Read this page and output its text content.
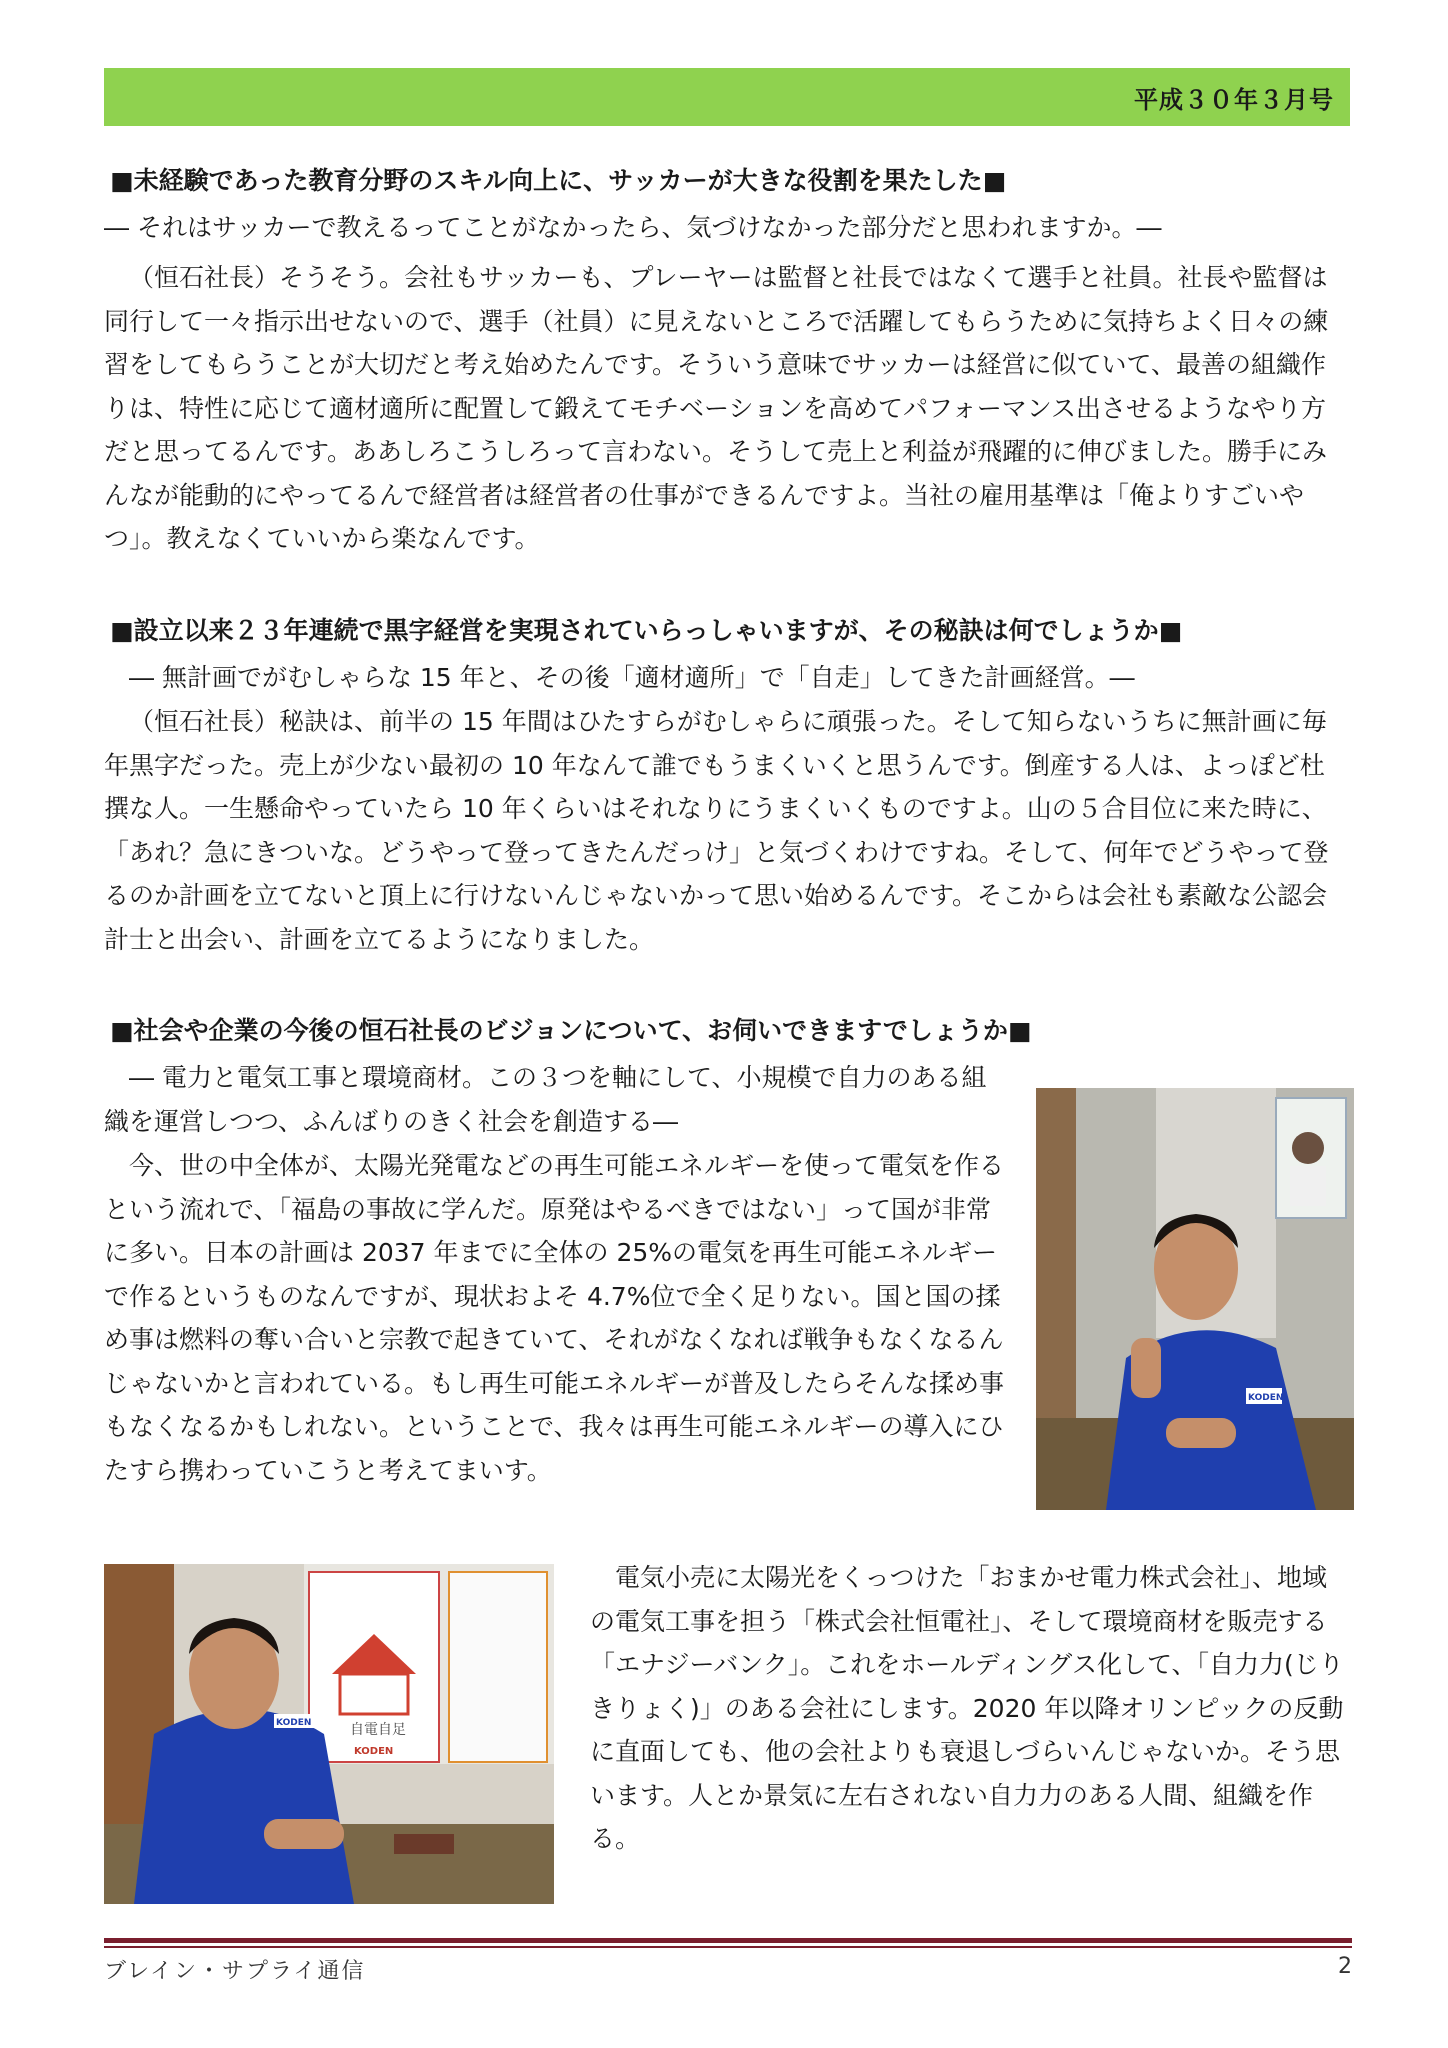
平成３０年３月号
■未経験であった教育分野のスキル向上に、サッカーが大きな役割を果たした■

― それはサッカーで教えるってことがなかったら、気づけなかった部分だと思われますか。―

（恒石社長）そうそう。会社もサッカーも、プレーヤーは監督と社長ではなくて選手と社員。社長や監督は同行して一々指示出せないので、選手（社員）に見えないところで活躍してもらうために気持ちよく日々の練習をしてもらうことが大切だと考え始めたんです。そういう意味でサッカーは経営に似ていて、最善の組織作りは、特性に応じて適材適所に配置して鍛えてモチベーションを高めてパフォーマンス出させるようなやり方だと思ってるんです。ああしろこうしろって言わない。そうして売上と利益が飛躍的に伸びました。勝手にみんなが能動的にやってるんで経営者は経営者の仕事ができるんですよ。当社の雇用基準は「俺よりすごいやつ」。教えなくていいから楽なんです。

■設立以来２３年連続で黒字経営を実現されていらっしゃいますが、その秘訣は何でしょうか■

― 無計画でがむしゃらな 15 年と、その後「適材適所」で「自走」してきた計画経営。―

（恒石社長）秘訣は、前半の 15 年間はひたすらがむしゃらに頑張った。そして知らないうちに無計画に毎年黒字だった。売上が少ない最初の 10 年なんて誰でもうまくいくと思うんです。倒産する人は、よっぽど杜撰な人。一生懸命やっていたら 10 年くらいはそれなりにうまくいくものですよ。山の５合目位に来た時に、「あれ？急にきついな。どうやって登ってきたんだっけ」と気づくわけですね。そして、何年でどうやって登るのか計画を立てないと頂上に行けないんじゃないかって思い始めるんです。そこからは会社も素敵な公認会計士と出会い、計画を立てるようになりました。

■社会や企業の今後の恒石社長のビジョンについて、お伺いできますでしょうか■

― 電力と電気工事と環境商材。この３つを軸にして、小規模で自力のある組織を運営しつつ、ふんばりのきく社会を創造する―

今、世の中全体が、太陽光発電などの再生可能エネルギーを使って電気を作るという流れで、「福島の事故に学んだ。原発はやるべきではない」って国が非常に多い。日本の計画は 2037 年までに全体の 25%の電気を再生可能エネルギーで作るというものなんですが、現状およそ 4.7%位で全く足りない。国と国の揉め事は燃料の奪い合いと宗教で起きていて、それがなくなれば戦争もなくなるんじゃないかと言われている。もし再生可能エネルギーが普及したらそんな揉め事もなくなるかもしれない。ということで、我々は再生可能エネルギーの導入にひたすら携わっていこうと考えてまいす。

KODEN
自電自足
KODEN
KODEN

電気小売に太陽光をくっつけた「おまかせ電力株式会社」、地域の電気工事を担う「株式会社恒電社」、そして環境商材を販売する「エナジーバンク」。これをホールディングス化して、「自力力(じりきりょく)」のある会社にします。2020 年以降オリンピックの反動に直面しても、他の会社よりも衰退しづらいんじゃないか。そう思います。人とか景気に左右されない自力力のある人間、組織を作る。

ブレイン・サプライ通信	2
